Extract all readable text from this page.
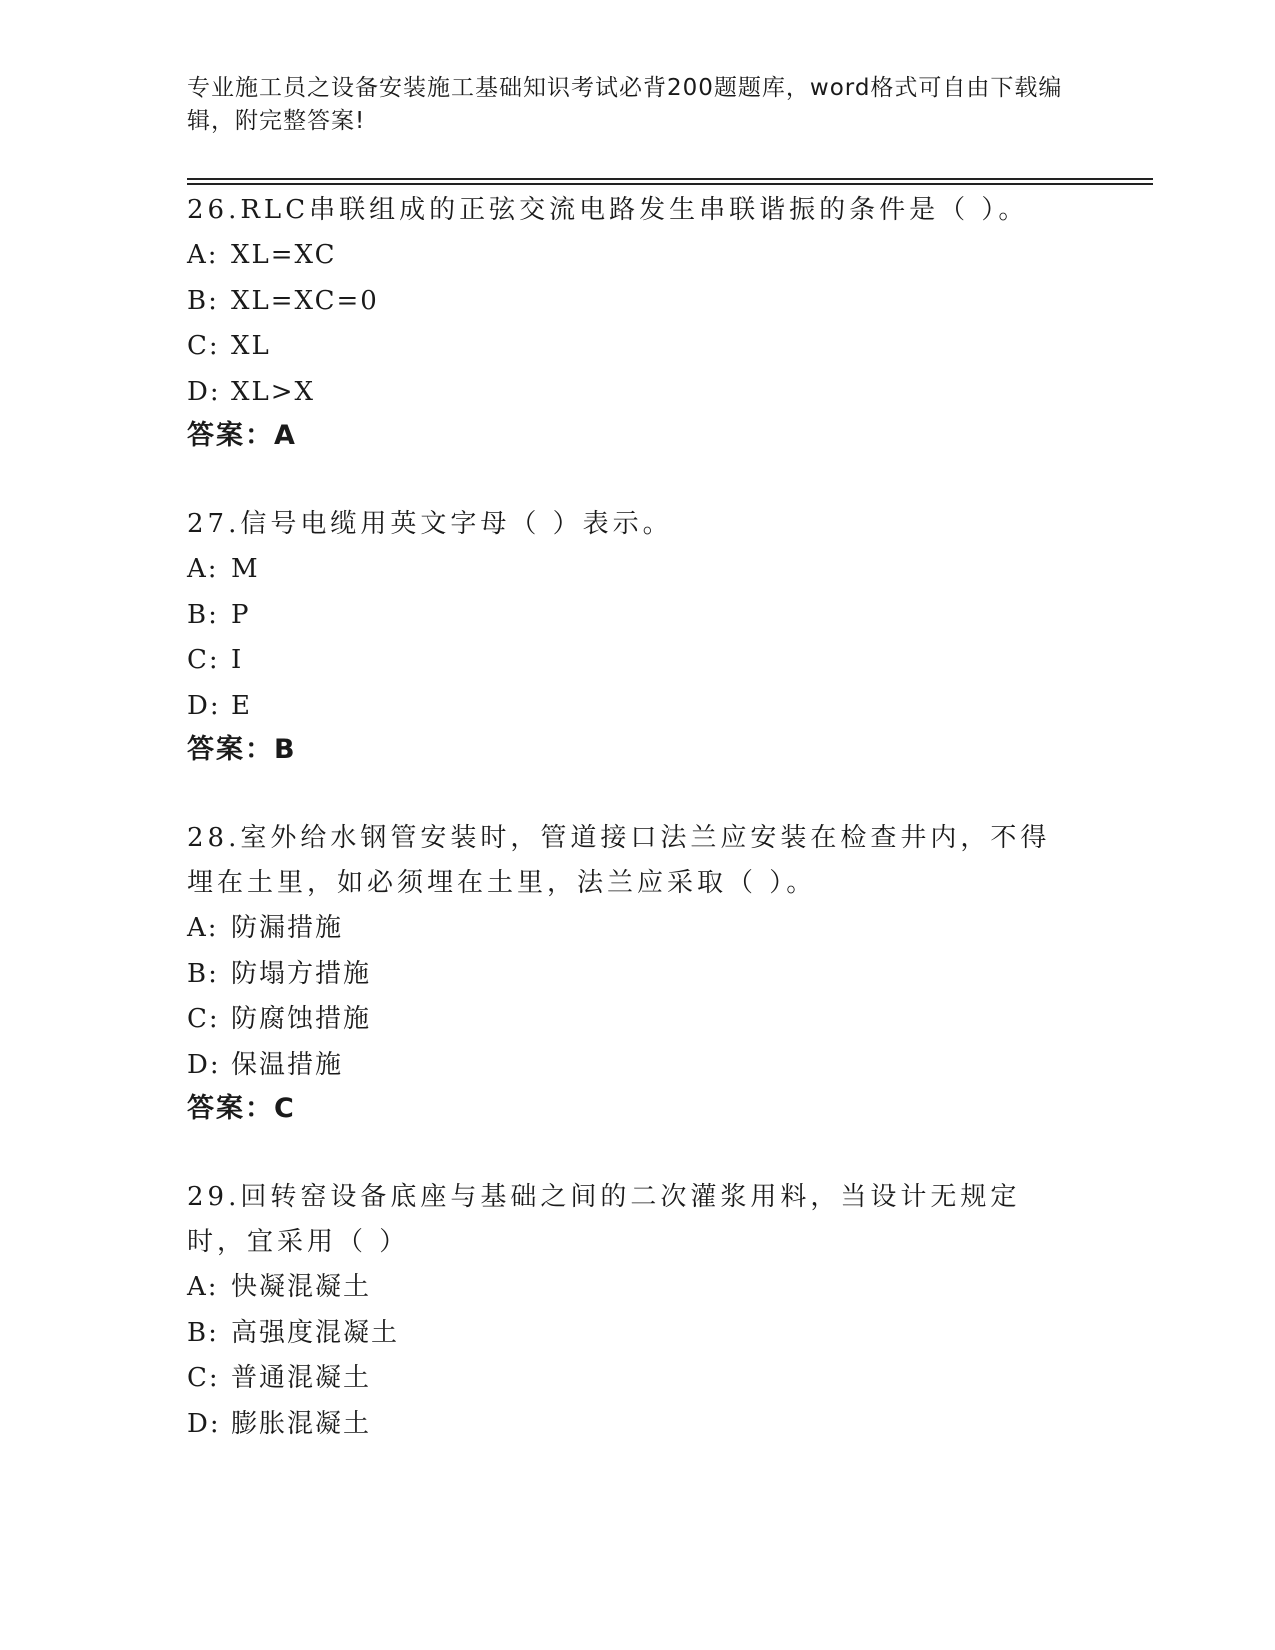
专业施工员之设备安装施工基础知识考试必背200题题库，word格式可自由下载编辑，附完整答案!
26.RLC串联组成的正弦交流电路发生串联谐振的条件是（ ）。
A: XL=XC
B: XL=XC=0
C: XL
D: XL>X
答案：A
27.信号电缆用英文字母（ ）表示。
A: M
B: P
C: I
D: E
答案：B
28.室外给水钢管安装时，管道接口法兰应安装在检查井内，不得埋在土里，如必须埋在土里，法兰应采取（ ）。
A: 防漏措施
B: 防塌方措施
C: 防腐蚀措施
D: 保温措施
答案：C
29.回转窑设备底座与基础之间的二次灌浆用料，当设计无规定时，宜采用（ ）
A: 快凝混凝土
B: 高强度混凝土
C: 普通混凝土
D: 膨胀混凝土
